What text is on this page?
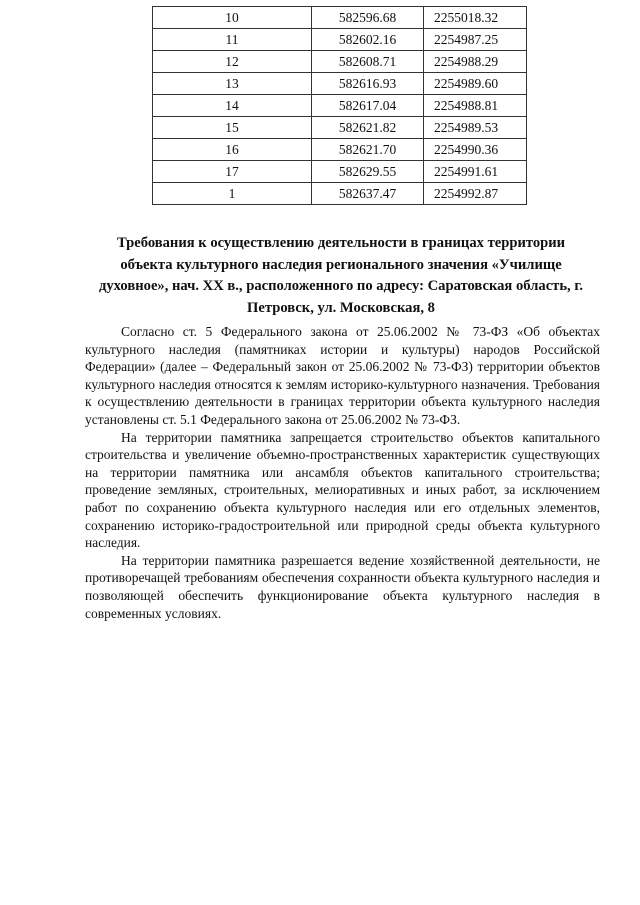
10	582596.68	2255018.32
11	582602.16	2254987.25
12	582608.71	2254988.29
13	582616.93	2254989.60
14	582617.04	2254988.81
15	582621.82	2254989.53
16	582621.70	2254990.36
17	582629.55	2254991.61
1	582637.47	2254992.87
Требования к осуществлению деятельности в границах территории объекта культурного наследия регионального значения «Училище духовное», нач. XX в., расположенного по адресу: Саратовская область, г. Петровск, ул. Московская, 8

Согласно ст. 5 Федерального закона от 25.06.2002 № 73-ФЗ «Об объектах культурного наследия (памятниках истории и культуры) народов Российской Федерации» (далее – Федеральный закон от 25.06.2002 № 73-ФЗ) территории объектов культурного наследия относятся к землям историко-культурного назначения. Требования к осуществлению деятельности в границах территории объекта культурного наследия установлены ст. 5.1 Федерального закона от 25.06.2002 № 73-ФЗ.

На территории памятника запрещается строительство объектов капитального строительства и увеличение объемно-пространственных характеристик существующих на территории памятника или ансамбля объектов капитального строительства; проведение земляных, строительных, мелиоративных и иных работ, за исключением работ по сохранению объекта культурного наследия или его отдельных элементов, сохранению историко-градостроительной или природной среды объекта культурного наследия.

На территории памятника разрешается ведение хозяйственной деятельности, не противоречащей требованиям обеспечения сохранности объекта культурного наследия и позволяющей обеспечить функционирование объекта культурного наследия в современных условиях.
